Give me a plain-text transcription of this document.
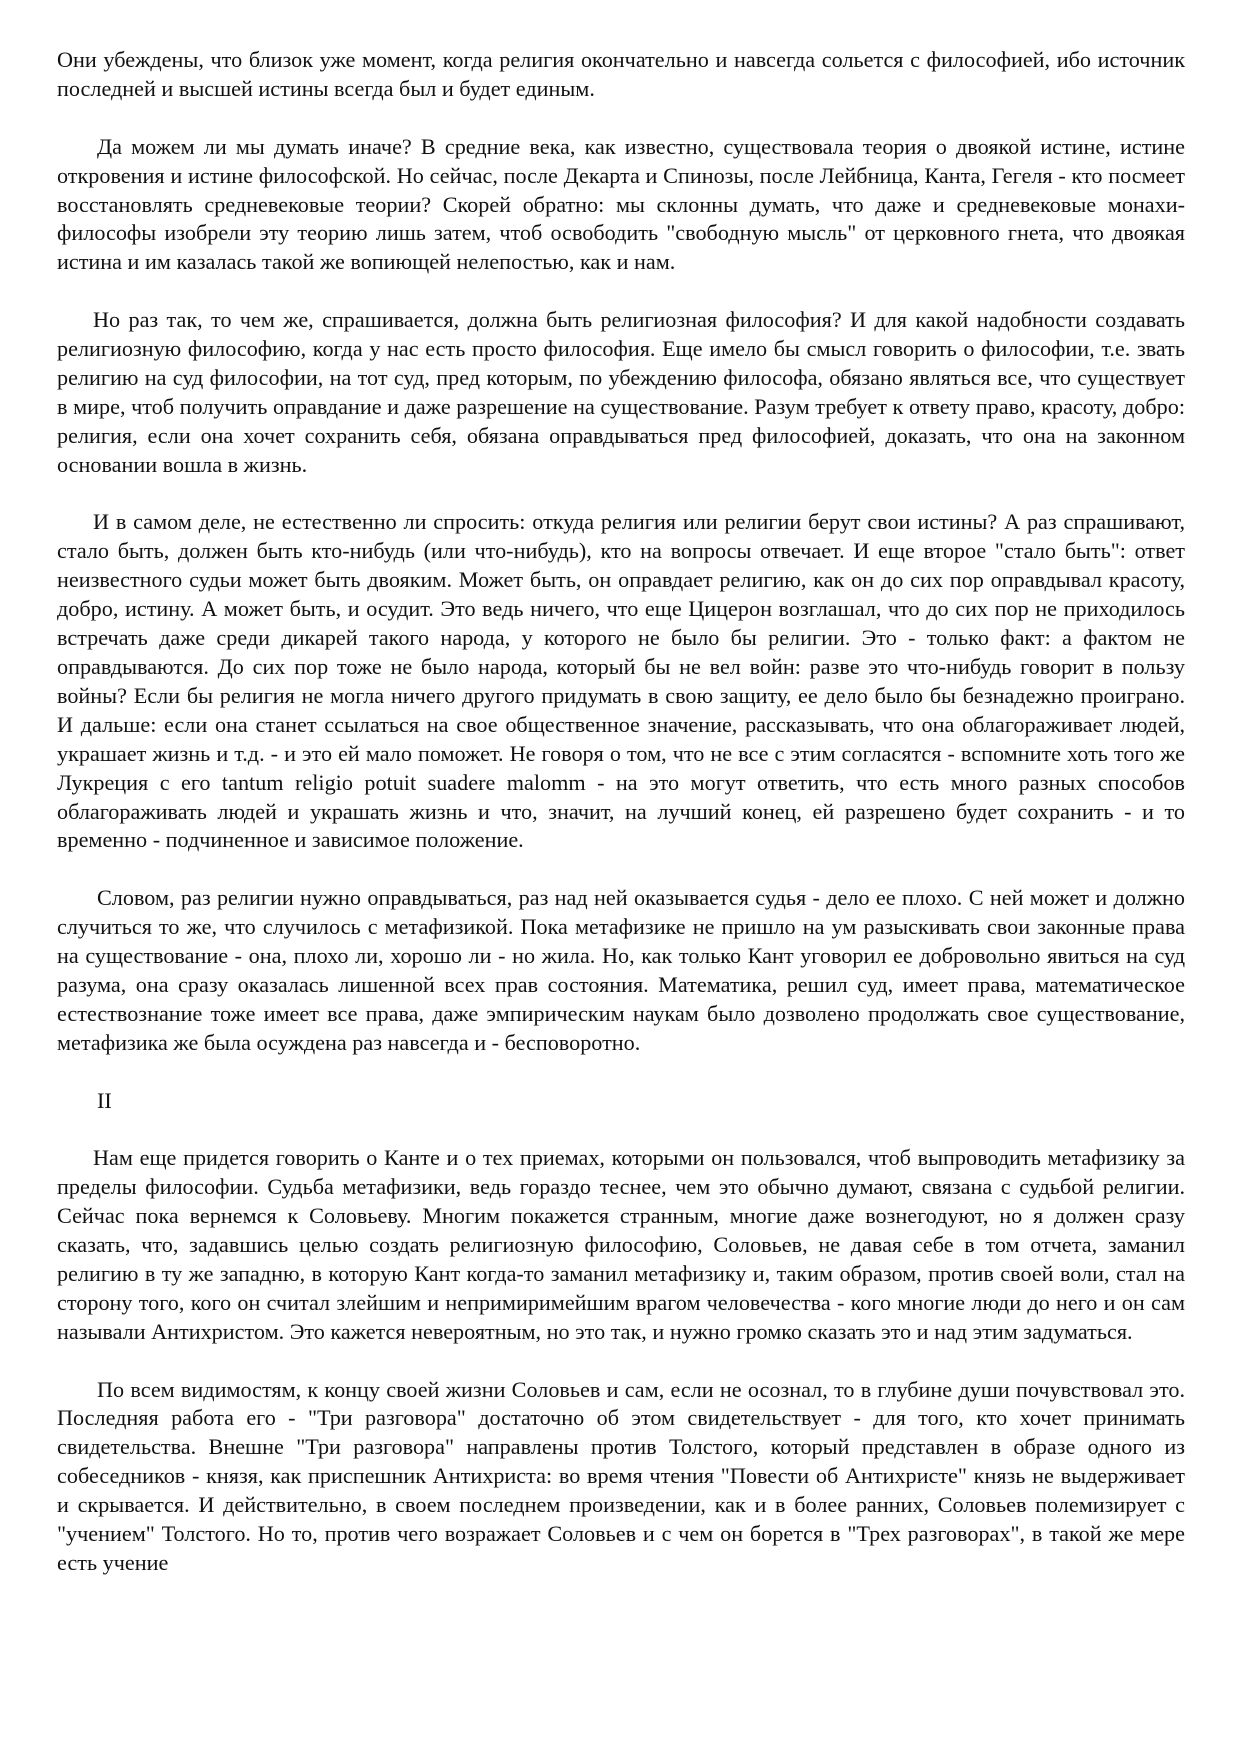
Они убеждены, что близок уже момент, когда религия окончательно и навсегда сольется с философией, ибо источник последней и высшей истины всегда был и будет единым.

Да можем ли мы думать иначе? В средние века, как известно, существовала теория о двоякой истине, истине откровения и истине философской. Но сейчас, после Декарта и Спинозы, после Лейбница, Канта, Гегеля - кто посмеет восстановлять средневековые теории? Скорей обратно: мы склонны думать, что даже и средневековые монахи-философы изобрели эту теорию лишь затем, чтоб освободить "свободную мысль" от церковного гнета, что двоякая истина и им казалась такой же вопиющей нелепостью, как и нам.

Но раз так, то чем же, спрашивается, должна быть религиозная философия? И для какой надобности создавать религиозную философию, когда у нас есть просто философия. Еще имело бы смысл говорить о философии, т.е. звать религию на суд философии, на тот суд, пред которым, по убеждению философа, обязано являться все, что существует в мире, чтоб получить оправдание и даже разрешение на существование. Разум требует к ответу право, красоту, добро: религия, если она хочет сохранить себя, обязана оправдываться пред философией, доказать, что она на законном основании вошла в жизнь.

И в самом деле, не естественно ли спросить: откуда религия или религии берут свои истины? А раз спрашивают, стало быть, должен быть кто-нибудь (или что-нибудь), кто на вопросы отвечает. И еще второе "стало быть": ответ неизвестного судьи может быть двояким. Может быть, он оправдает религию, как он до сих пор оправдывал красоту, добро, истину. А может быть, и осудит. Это ведь ничего, что еще Цицерон возглашал, что до сих пор не приходилось встречать даже среди дикарей такого народа, у которого не было бы религии. Это - только факт: а фактом не оправдываются. До сих пор тоже не было народа, который бы не вел войн: разве это что-нибудь говорит в пользу войны? Если бы религия не могла ничего другого придумать в свою защиту, ее дело было бы безнадежно проиграно. И дальше: если она станет ссылаться на свое общественное значение, рассказывать, что она облагораживает людей, украшает жизнь и т.д. - и это ей мало поможет. Не говоря о том, что не все с этим согласятся - вспомните хоть того же Лукреция с его tantum religio potuit suadere malomm - на это могут ответить, что есть много разных способов облагораживать людей и украшать жизнь и что, значит, на лучший конец, ей разрешено будет сохранить - и то временно - подчиненное и зависимое положение.

Словом, раз религии нужно оправдываться, раз над ней оказывается судья - дело ее плохо. С ней может и должно случиться то же, что случилось с метафизикой. Пока метафизике не пришло на ум разыскивать свои законные права на существование - она, плохо ли, хорошо ли - но жила. Но, как только Кант уговорил ее добровольно явиться на суд разума, она сразу оказалась лишенной всех прав состояния. Математика, решил суд, имеет права, математическое естествознание тоже имеет все права, даже эмпирическим наукам было дозволено продолжать свое существование, метафизика же была осуждена раз навсегда и - бесповоротно.

II

Нам еще придется говорить о Канте и о тех приемах, которыми он пользовался, чтоб выпроводить метафизику за пределы философии. Судьба метафизики, ведь гораздо теснее, чем это обычно думают, связана с судьбой религии. Сейчас пока вернемся к Соловьеву. Многим покажется странным, многие даже вознегодуют, но я должен сразу сказать, что, задавшись целью создать религиозную философию, Соловьев, не давая себе в том отчета, заманил религию в ту же западню, в которую Кант когда-то заманил метафизику и, таким образом, против своей воли, стал на сторону того, кого он считал злейшим и непримиримейшим врагом человечества - кого многие люди до него и он сам называли Антихристом. Это кажется невероятным, но это так, и нужно громко сказать это и над этим задуматься.

По всем видимостям, к концу своей жизни Соловьев и сам, если не осознал, то в глубине души почувствовал это. Последняя работа его - "Три разговора" достаточно об этом свидетельствует - для того, кто хочет принимать свидетельства. Внешне "Три разговора" направлены против Толстого, который представлен в образе одного из собеседников - князя, как приспешник Антихриста: во время чтения "Повести об Антихристе" князь не выдерживает и скрывается. И действительно, в своем последнем произведении, как и в более ранних, Соловьев полемизирует с "учением" Толстого. Но то, против чего возражает Соловьев и с чем он борется в "Трех разговорах", в такой же мере есть учение
